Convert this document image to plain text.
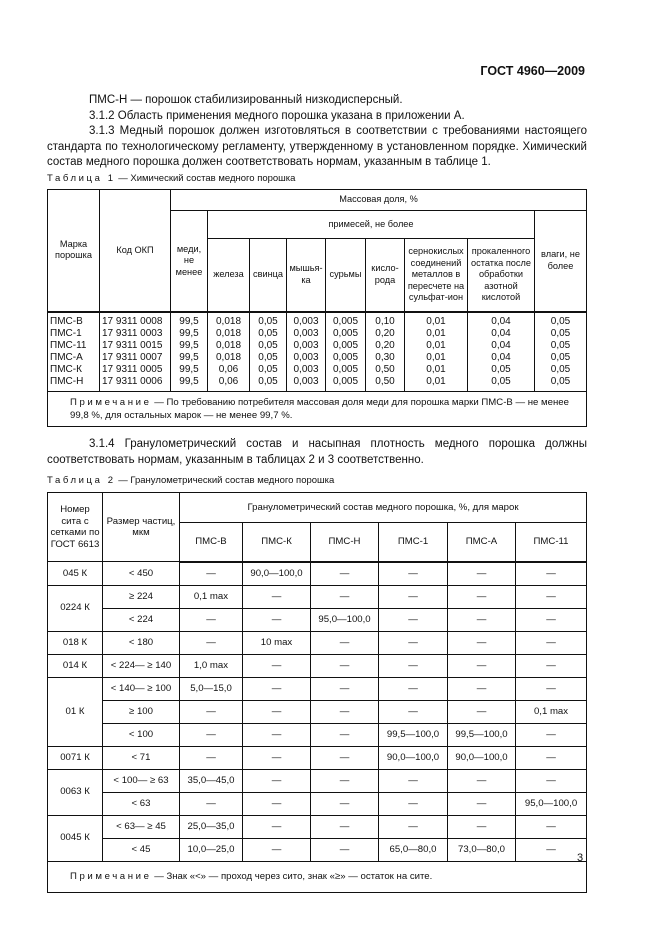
ГОСТ 4960—2009

ПМС-Н — порошок стабилизированный низкодисперсный.

3.1.2 Область применения медного порошка указана в приложении А.

3.1.3 Медный порошок должен изготовляться в соответствии с требованиями настоящего стандарта по технологическому регламенту, утвержденному в установленном порядке. Химический состав медного порошка должен соответствовать нормам, указанным в таблице 1.

Таблица 1 — Химический состав медного порошка
Марка порошка	Код ОКП	Массовая доля, %								
		меди, не менее	примесей, не более							влаги, не более
			железа	свинца	мышья-ка	сурьмы	кисло-рода	сернокислых соединений металлов в пересчете на сульфат-ион	прокаленного остатка после обработки азотной кислотой	
ПМС-В	17 9311 0008	99,5	0,018	0,05	0,003	0,005	0,10	0,01	0,04	0,05
ПМС-1	17 9311 0003	99,5	0,018	0,05	0,003	0,005	0,20	0,01	0,04	0,05
ПМС-11	17 9311 0015	99,5	0,018	0,05	0,003	0,005	0,20	0,01	0,04	0,05
ПМС-А	17 9311 0007	99,5	0,018	0,05	0,003	0,005	0,30	0,01	0,04	0,05
ПМС-К	17 9311 0005	99,5	0,06	0,05	0,003	0,005	0,50	0,01	0,05	0,05
ПМС-Н	17 9311 0006	99,5	0,06	0,05	0,003	0,005	0,50	0,01	0,05	0,05

Примечание — По требованию потребителя массовая доля меди для порошка марки ПМС-В — не менее 99,8 %, для остальных марок — не менее 99,7 %.										

3.1.4 Гранулометрический состав и насыпная плотность медного порошка должны соответствовать нормам, указанным в таблицах 2 и 3 соответственно.

Таблица 2 — Гранулометрический состав медного порошка
Номер сита с сетками по ГОСТ 6613	Размер частиц, мкм	Гранулометрический состав медного порошка, %, для марок					
		ПМС-В	ПМС-К	ПМС-Н	ПМС-1	ПМС-А	ПМС-11
045 К	< 450	—	90,0—100,0	—	—	—	—
0224 К	≥ 224	0,1 max	—	—	—	—	—
	< 224	—	—	95,0—100,0	—	—	—
018 К	< 180	—	10 max	—	—	—	—
014 К	< 224— ≥ 140	1,0 max	—	—	—	—	—
01 К	< 140— ≥ 100	5,0—15,0	—	—	—	—	—
	≥ 100	—	—	—	—	—	0,1 max
	< 100	—	—	—	99,5—100,0	99,5—100,0	—
0071 К	< 71	—	—	—	90,0—100,0	90,0—100,0	—
0063 К	< 100— ≥ 63	35,0—45,0	—	—	—	—	—
	< 63	—	—	—	—	—	95,0—100,0
0045 К	< 63— ≥ 45	25,0—35,0	—	—	—	—	—
	< 45	10,0—25,0	—	—	65,0—80,0	73,0—80,0	—

Примечание — Знак «<» — проход через сито, знак «≥» — остаток на сите.							
3
